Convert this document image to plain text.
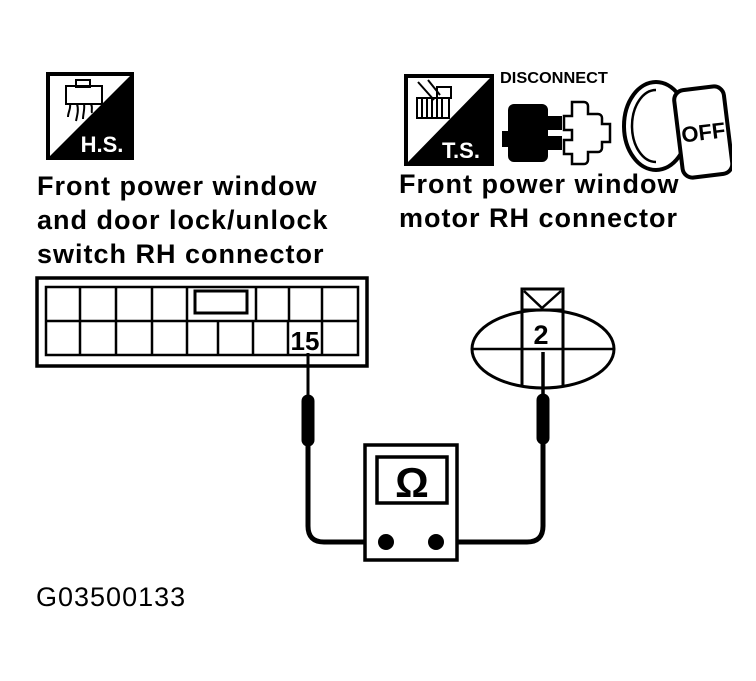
H.S.
Front power window
and door lock/unlock
switch RH connector
T.S.
DISCONNECT
OFF
Front power window
motor RH connector
15	2
Ω
G03500133
